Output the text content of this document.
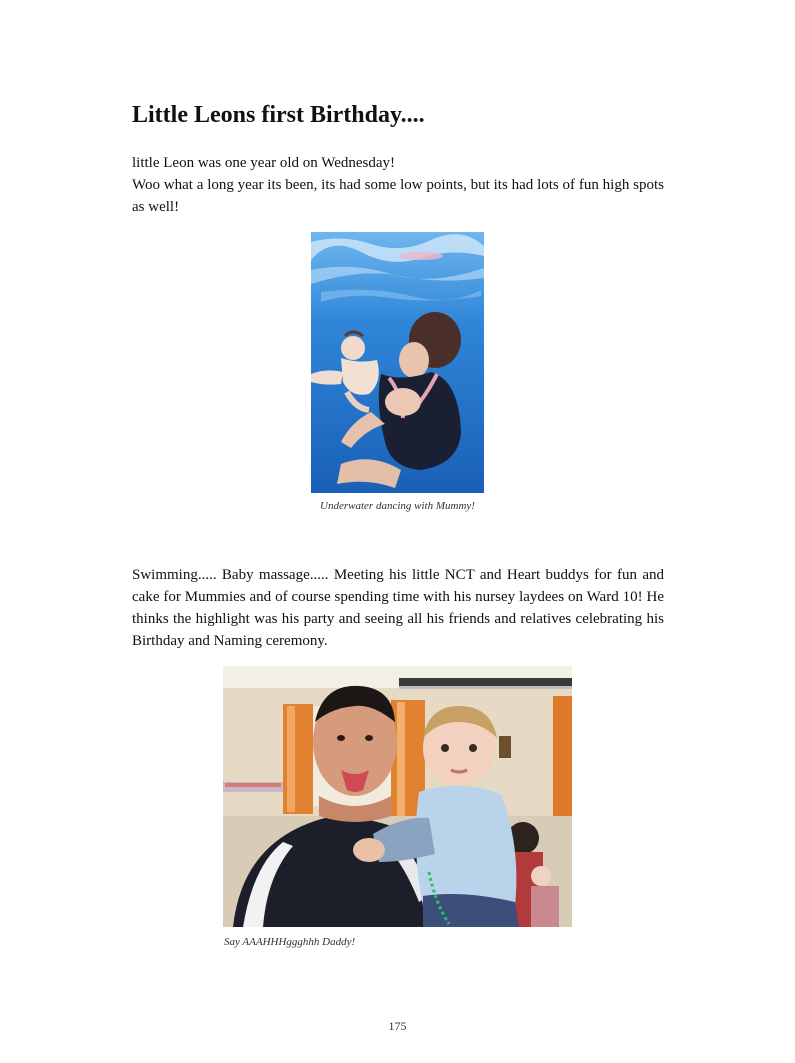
Little Leons first Birthday....

little Leon was one year old on Wednesday!
Woo what a long year its been, its had some low points, but its had lots of fun high spots as well!

Underwater dancing with Mummy!

Swimming..... Baby massage..... Meeting his little NCT and Heart buddys for fun and cake for Mummies and of course spending time with his nursey laydees on Ward 10! He thinks the highlight was his party and seeing all his friends and relatives celebrating his Birthday and Naming ceremony.

Say AAAHHHggghhh Daddy!

175
